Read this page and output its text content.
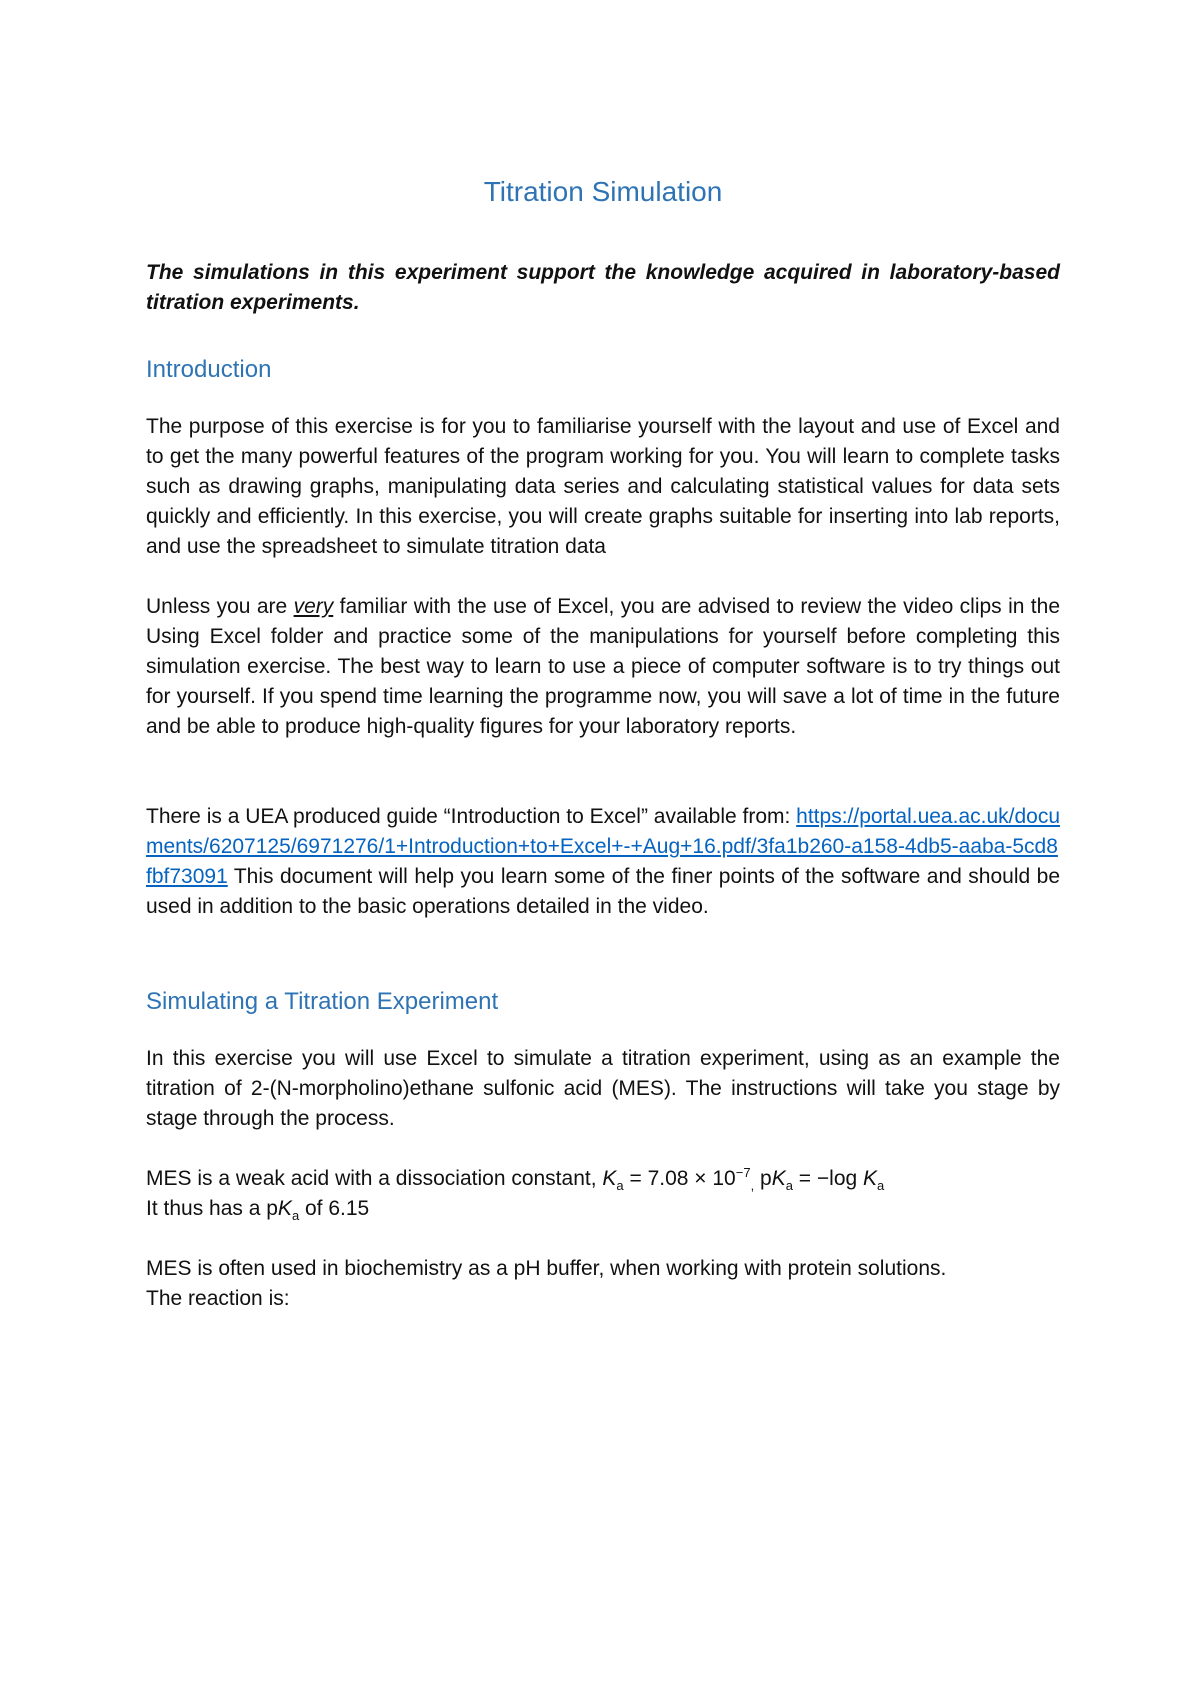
Titration Simulation

The simulations in this experiment support the knowledge acquired in laboratory-based titration experiments.

Introduction

The purpose of this exercise is for you to familiarise yourself with the layout and use of Excel and to get the many powerful features of the program working for you. You will learn to complete tasks such as drawing graphs, manipulating data series and calculating statistical values for data sets quickly and efficiently. In this exercise, you will create graphs suitable for inserting into lab reports, and use the spreadsheet to simulate titration data

Unless you are very familiar with the use of Excel, you are advised to review the video clips in the Using Excel folder and practice some of the manipulations for yourself before completing this simulation exercise. The best way to learn to use a piece of computer software is to try things out for yourself. If you spend time learning the programme now, you will save a lot of time in the future and be able to produce high-quality figures for your laboratory reports.

There is a UEA produced guide “Introduction to Excel” available from: https://portal.uea.ac.uk/documents/6207125/6971276/1+Introduction+to+Excel+-+Aug+16.pdf/3fa1b260-a158-4db5-aaba-5cd8fbf73091 This document will help you learn some of the finer points of the software and should be used in addition to the basic operations detailed in the video.

Simulating a Titration Experiment

In this exercise you will use Excel to simulate a titration experiment, using as an example the titration of 2-(N-morpholino)ethane sulfonic acid (MES). The instructions will take you stage by stage through the process.

MES is a weak acid with a dissociation constant, $K_a = 7.08 \times 10^{-7}_,$ $pK_a = -\log$ $K_a$

It thus has a $pK_a$ of 6.15

MES is often used in biochemistry as a pH buffer, when working with protein solutions.

The reaction is:
